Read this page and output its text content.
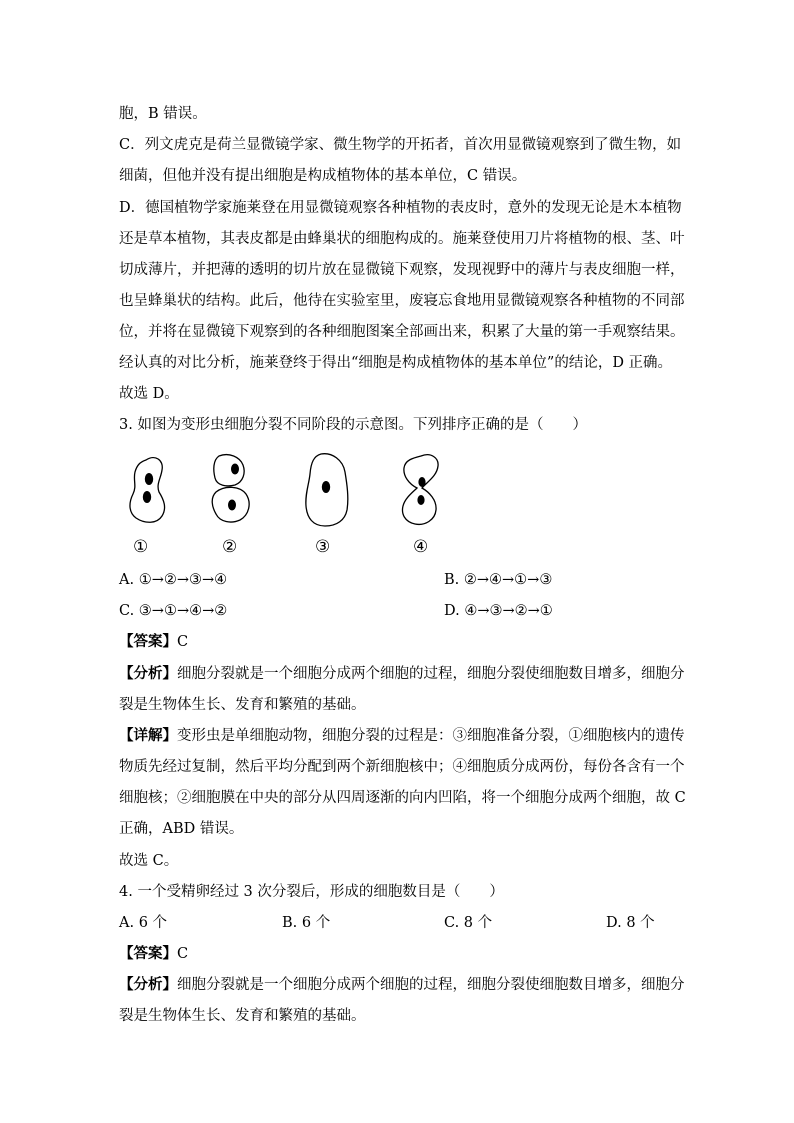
胞，B 错误。
C．列文虎克是荷兰显微镜学家、微生物学的开拓者，首次用显微镜观察到了微生物，如
细菌，但他并没有提出细胞是构成植物体的基本单位，C 错误。
D．德国植物学家施莱登在用显微镜观察各种植物的表皮时，意外的发现无论是木本植物
还是草本植物，其表皮都是由蜂巢状的细胞构成的。施莱登使用刀片将植物的根、茎、叶
切成薄片，并把薄的透明的切片放在显微镜下观察，发现视野中的薄片与表皮细胞一样，
也呈蜂巢状的结构。此后，他待在实验室里，废寝忘食地用显微镜观察各种植物的不同部
位，并将在显微镜下观察到的各种细胞图案全部画出来，积累了大量的第一手观察结果。
经认真的对比分析，施莱登终于得出“细胞是构成植物体的基本单位”的结论，D 正确。
故选 D。
3. 如图为变形虫细胞分裂不同阶段的示意图。下列排序正确的是（　　）
①	②	③	④
A. ①→②→③→④	B. ②→④→①→③
C. ③→①→④→②	D. ④→③→②→①
【答案】C
【分析】细胞分裂就是一个细胞分成两个细胞的过程，细胞分裂使细胞数目增多，细胞分
裂是生物体生长、发育和繁殖的基础。
【详解】变形虫是单细胞动物，细胞分裂的过程是：③细胞准备分裂，①细胞核内的遗传
物质先经过复制，然后平均分配到两个新细胞核中；④细胞质分成两份，每份各含有一个
细胞核；②细胞膜在中央的部分从四周逐渐的向内凹陷，将一个细胞分成两个细胞，故 C
正确，ABD 错误。
故选 C。
4. 一个受精卵经过 3 次分裂后，形成的细胞数目是（　　）
A. 6 个	B. 6 个	C. 8 个	D. 8 个
【答案】C
【分析】细胞分裂就是一个细胞分成两个细胞的过程，细胞分裂使细胞数目增多，细胞分
裂是生物体生长、发育和繁殖的基础。
